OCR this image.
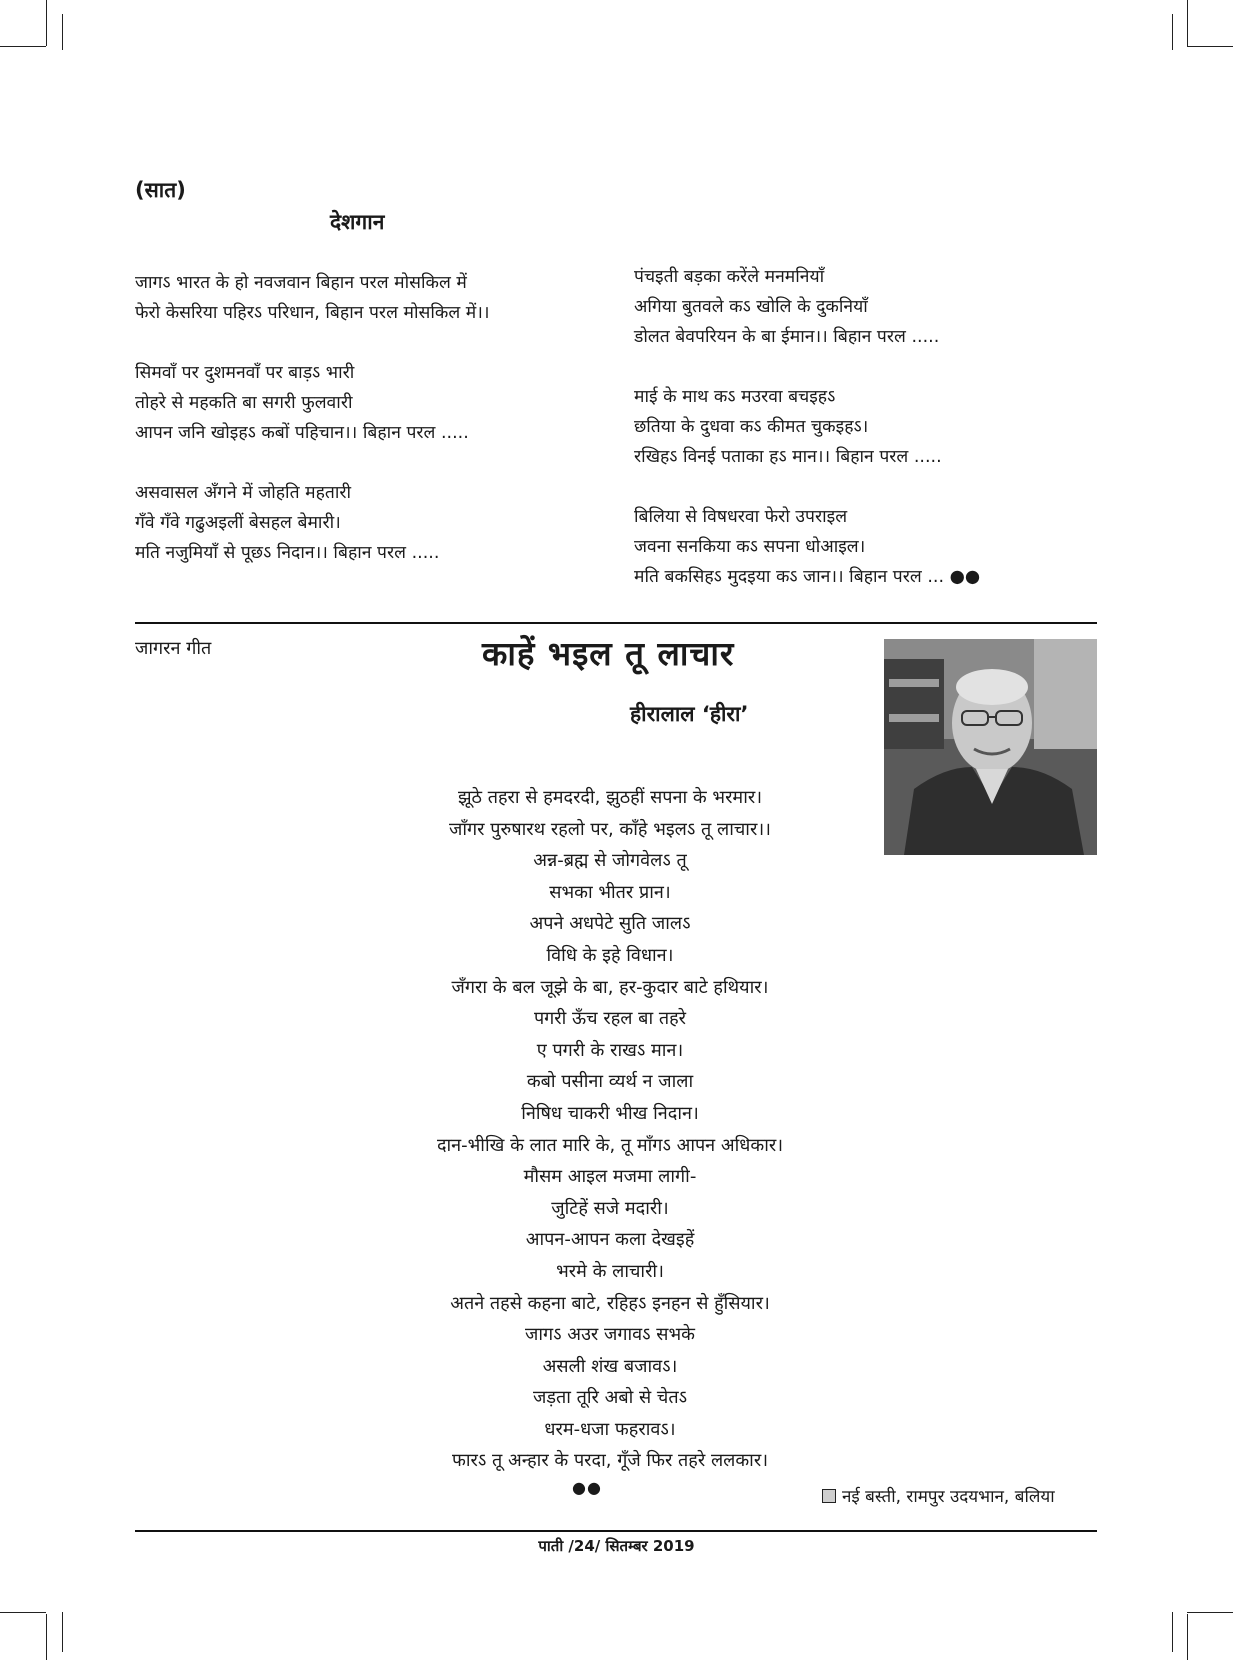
(सात)
देशगान
जागऽ भारत के हो नवजवान बिहान परल मोसकिल में
फेरो केसरिया पहिरऽ परिधान, बिहान परल मोसकिल में।।
सिमवाँ पर दुशमनवाँ पर बाड़ऽ भारी
तोहरे से महकति बा सगरी फुलवारी
आपन जनि खोइहऽ कबों पहिचान।। बिहान परल .....
असवासल अँगने में जोहति महतारी
गँवे गँवे गढुअइलीं बेसहल बेमारी।
मति नजुमियाँ से पूछऽ निदान।। बिहान परल .....
पंचइती बड़का करेंले मनमनियाँ
अगिया बुतवले कऽ खोलि के दुकनियाँ
डोलत बेवपरियन के बा ईमान।। बिहान परल .....
माई के माथ कऽ मउरवा बचइहऽ
छतिया के दुधवा कऽ कीमत चुकइहऽ।
रखिहऽ विनई पताका हऽ मान।। बिहान परल .....
बिलिया से विषधरवा फेरो उपराइल
जवना सनकिया कऽ सपना धोआइल।
मति बकसिहऽ मुदइया कऽ जान।। बिहान परल ... ●●
जागरन गीत	काहें भइल तू लाचार
हीरालाल ‘हीरा’
झूठे तहरा से हमदरदी, झुठहीं सपना के भरमार।
जाँगर पुरुषारथ रहलो पर, काँहे भइलऽ तू लाचार।।
अन्न-ब्रह्म से जोगवेलऽ तू
सभका भीतर प्रान।
अपने अधपेटे सुति जालऽ
विधि के इहे विधान।
जँगरा के बल जूझे के बा, हर-कुदार बाटे हथियार।
पगरी ऊँच रहल बा तहरे
ए पगरी के राखऽ मान।
कबो पसीना व्यर्थ न जाला
निषिध चाकरी भीख निदान।
दान-भीखि के लात मारि के, तू माँगऽ आपन अधिकार।
मौसम आइल मजमा लागी-
जुटिहें सजे मदारी।
आपन-आपन कला देखइहें
भरमे के लाचारी।
अतने तहसे कहना बाटे, रहिहऽ इनहन से हुँसियार।
जागऽ अउर जगावऽ सभके
असली शंख बजावऽ।
जड़ता तूरि अबो से चेतऽ
धरम-धजा फहरावऽ।
फारऽ तू अन्हार के परदा, गूँजे फिर तहरे ललकार।
●●	नई बस्ती, रामपुर उदयभान, बलिया
पाती /24/ सितम्बर 2019
